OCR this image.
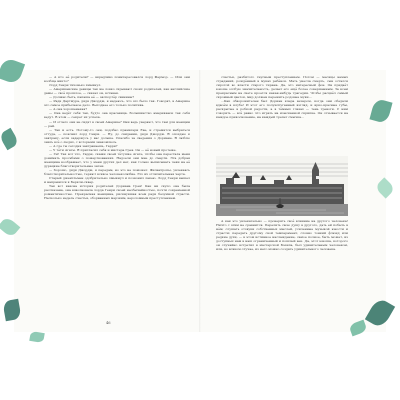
— А кто её родители? — вкрадчиво поинтересовался лорд Фермор. — Или они вообще никто?

Лорд Генри тихонько хмыкнул.

— Американские девицы так же ловко скрывают своих родителей, как английские дамы — своё прошлое, — сказал он, вставая.

— Должно быть, папаша её — экспортёр свинины?

— Ради Дартмура, дядя Джордж, я надеюсь, что это было так. Говорят, в Америке это самое прибыльное дело. Выгоднее его только политика.

— А она хорошенькая?

— Она ведёт себя так, будто она красавица. Большинство американок так себя ведут. В этом — секрет их успеха.

— И отчего они не сидят в своей Америке? Они ведь уверяют, что там для женщин — рай.

— Так и есть. Потому-то они, подобно праматери Еве, и стремятся выбраться оттуда, — пояснил лорд Генри. — Ну, до свидания, дядя Джордж. Я опоздаю к завтраку, если задержусь у вас дольше. Спасибо за сведения о Дориане. Я люблю знать всё о людях, с которыми знакомлюсь.

— А где ты сегодня завтракаешь, Гарри?

— У тёти Агаты. Я пригласил себя и мистера Грея. Он — её новый протеже.

— Гм! Так вот что, Гарри, скажи своей тётушке Агате, чтобы она перестала меня донимать просьбами о пожертвованиях. Надоели они мне до смерти. Эта добрая женщина воображает, что у меня других дел нет, как только выписывать чеки на её дурацкие благотворительные затеи.

— Хорошо, дядя Джордж, я передам, но это не поможет. Филантропы, увлекаясь благотворительностью, теряют всякое человеколюбие. Это их отличительная черта.

Старый джентльмен одобрительно хмыкнул и позвонил лакею. Лорд Генри вышел и направился к Беркли-сквер.

Так вот какова история родителей Дориана Грея! Как ни скупо она была рассказана, она взволновала лорда Генри своей необычайностью, почти современной романтичностью. Прекрасная женщина, рискнувшая всем ради безумной страсти. Несколько недель счастья, оборванных мерзким, вероломным преступлением.

46

счастья, разбитого гнусным преступлением. Потом — месяцы немых страданий, рождённый в муках ребёнок. Мать унесла смерть, сын остался сиротой во власти старого тирана. Да, это интересный фон. Он придаёт юноше особую значительность, делает его ещё более совершенным. За всем прекрасным на свете кроется какая-нибудь трагедия. Чтобы расцвёл самый скромный цветок, мир должен пережить родовые муки...

...Как обворожителен был Дориан вчера вечером, когда они обедали вдвоём в клубе! И этот его полуиспуганный взгляд, и ярко-красные губы, раскрытые в робкой радости, а в тёмных глазах — тень тревоги. С ним говорить — всё равно что играть на изысканной скрипке. Он отзывается на каждое прикосновение, на каждый трепет смычка...

А как это увлекательно — проверять своё влияние на другого человека! Ничто с этим не сравнится. Перелить свою душу в другого, дать ей побыть в нём; слушать отзвуки собственных мыслей, усиленные музыкой юности и страсти; передать другому свой темперамент, словно тонкий флюид или редкие духи, — в этом истинное наслаждение, самое полное, быть может, из доступных нам в наш ограниченный и пошлый век. Да, этот юноша, которого он случайно встретил в мастерской Бэзила, был удивительным человеком, или, во всяком случае, из него можно создать удивительного человека.
